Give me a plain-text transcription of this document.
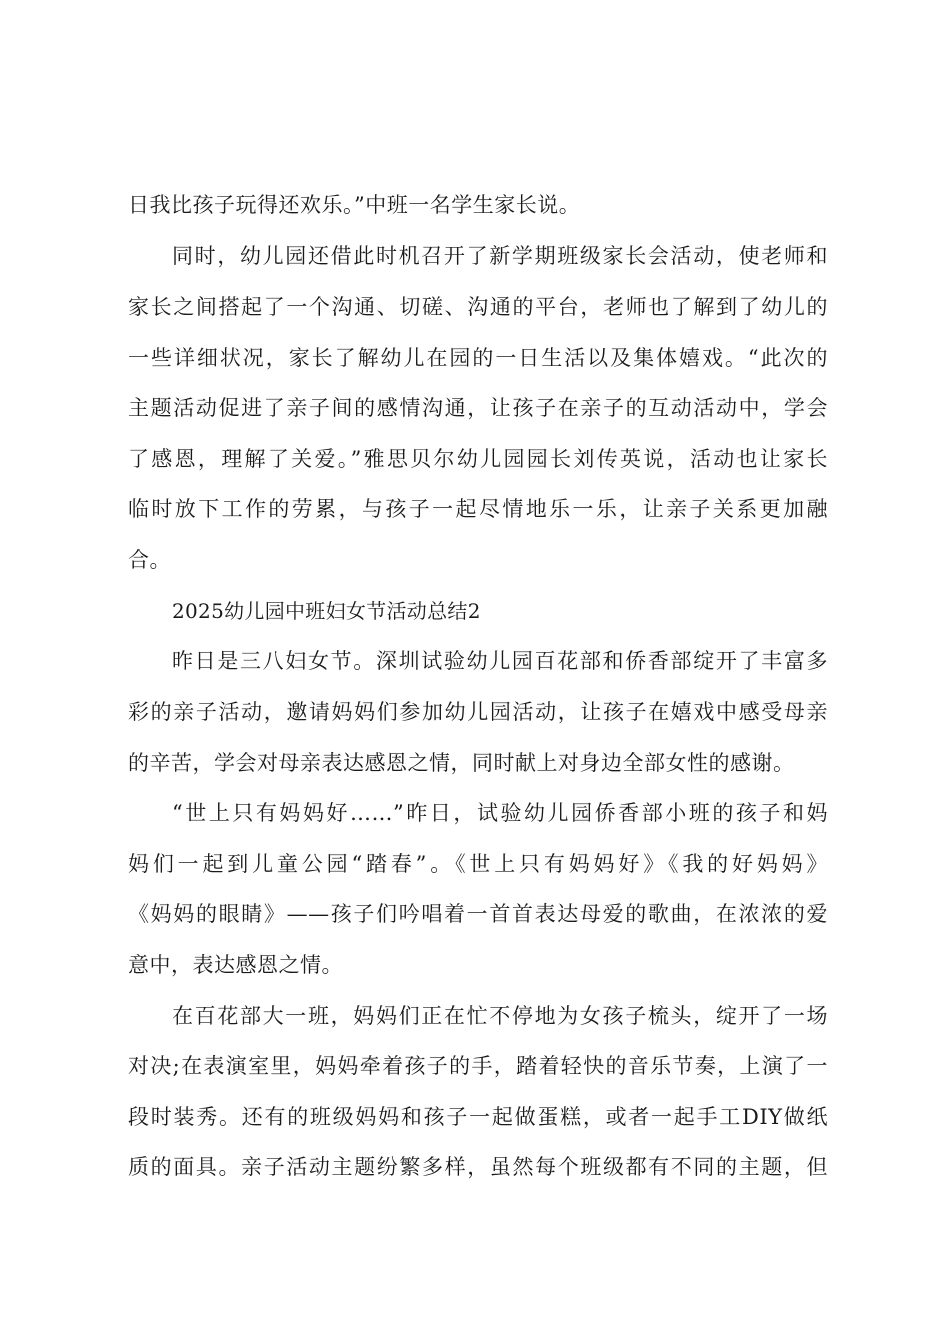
日我比孩子玩得还欢乐。”中班一名学生家长说。
同时，幼儿园还借此时机召开了新学期班级家长会活动，使老师和
家长之间搭起了一个沟通、切磋、沟通的平台，老师也了解到了幼儿的
一些详细状况，家长了解幼儿在园的一日生活以及集体嬉戏。“此次的
主题活动促进了亲子间的感情沟通，让孩子在亲子的互动活动中，学会
了感恩，理解了关爱。”雅思贝尔幼儿园园长刘传英说，活动也让家长
临时放下工作的劳累，与孩子一起尽情地乐一乐，让亲子关系更加融
合。
2025幼儿园中班妇女节活动总结2
昨日是三八妇女节。深圳试验幼儿园百花部和侨香部绽开了丰富多
彩的亲子活动，邀请妈妈们参加幼儿园活动，让孩子在嬉戏中感受母亲
的辛苦，学会对母亲表达感恩之情，同时献上对身边全部女性的感谢。
“世上只有妈妈好……”昨日，试验幼儿园侨香部小班的孩子和妈
妈们一起到儿童公园“踏春”。《世上只有妈妈好》《我的好妈妈》
《妈妈的眼睛》——孩子们吟唱着一首首表达母爱的歌曲，在浓浓的爱
意中，表达感恩之情。
在百花部大一班，妈妈们正在忙不停地为女孩子梳头，绽开了一场
对决;在表演室里，妈妈牵着孩子的手，踏着轻快的音乐节奏，上演了一
段时装秀。还有的班级妈妈和孩子一起做蛋糕，或者一起手工DIY做纸
质的面具。亲子活动主题纷繁多样，虽然每个班级都有不同的主题，但
